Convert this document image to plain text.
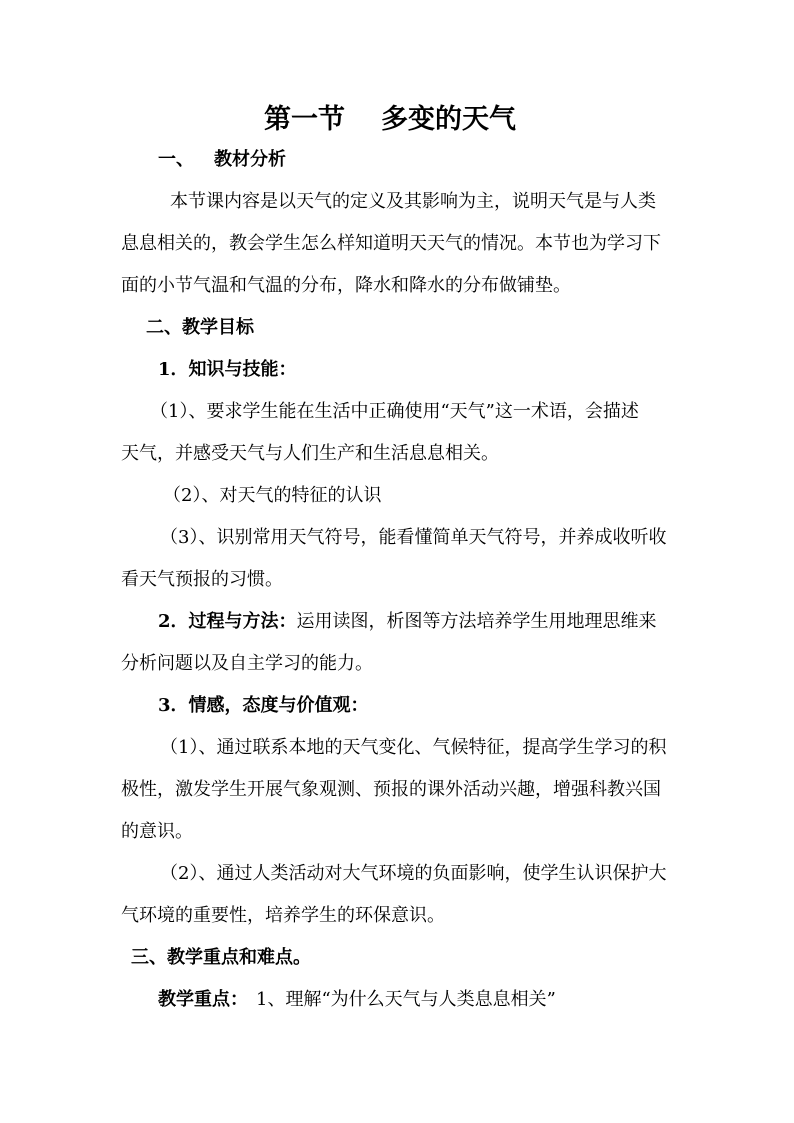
第一节 多变的天气
一、 教材分析

本节课内容是以天气的定义及其影响为主，说明天气是与人类

息息相关的，教会学生怎么样知道明天天气的情况。本节也为学习下

面的小节气温和气温的分布，降水和降水的分布做铺垫。

二、教学目标
1．知识与技能：

（1）、要求学生能在生活中正确使用“天气”这一术语，会描述

天气，并感受天气与人们生产和生活息息相关。

（2）、对天气的特征的认识

（3）、识别常用天气符号，能看懂简单天气符号，并养成收听收

看天气预报的习惯。

2．过程与方法：运用读图，析图等方法培养学生用地理思维来

分析问题以及自主学习的能力。

3．情感，态度与价值观：

（1）、通过联系本地的天气变化、气候特征，提高学生学习的积

极性，激发学生开展气象观测、预报的课外活动兴趣，增强科教兴国

的意识。

（2）、通过人类活动对大气环境的负面影响，使学生认识保护大

气环境的重要性，培养学生的环保意识。

三、教学重点和难点。

教学重点： 1、理解“为什么天气与人类息息相关”
